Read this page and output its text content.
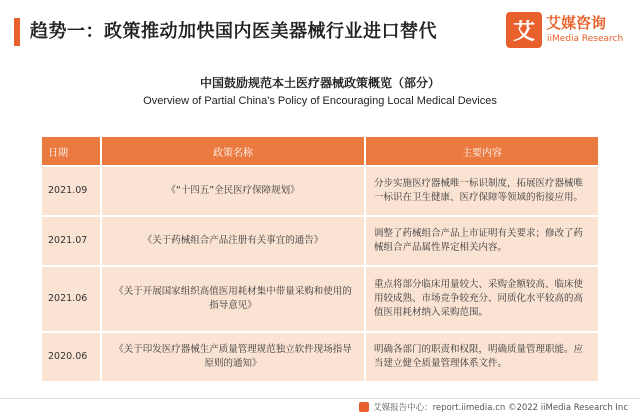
趋势一：政策推动加快国内医美器械行业进口替代	艾 艾媒咨询
iiMedia Research
中国鼓励规范本土医疗器械政策概览（部分）
Overview of Partial China's Policy of Encouraging Local Medical Devices
日期	政策名称	主要内容
2021.09	《“十四五”全民医疗保障规划》	分步实施医疗器械唯一标识制度，拓展医疗器械唯一标识在卫生健康、医疗保障等领域的衔接应用。
2021.07	《关于药械组合产品注册有关事宜的通告》	调整了药械组合产品上市证明有关要求；修改了药械组合产品属性界定相关内容。
2021.06	《关于开展国家组织高值医用耗材集中带量采购和使用的指导意见》	重点将部分临床用量较大、采购金额较高、临床使用较成熟、市场竞争较充分、同质化水平较高的高值医用耗材纳入采购范围。
2020.06	《关于印发医疗器械生产质量管理规范独立软件现场指导原则的通知》	明确各部门的职责和权限，明确质量管理职能。应当建立健全质量管理体系文件。
艾媒报告中心：report.iimedia.cn ©2022 iiMedia Research Inc
